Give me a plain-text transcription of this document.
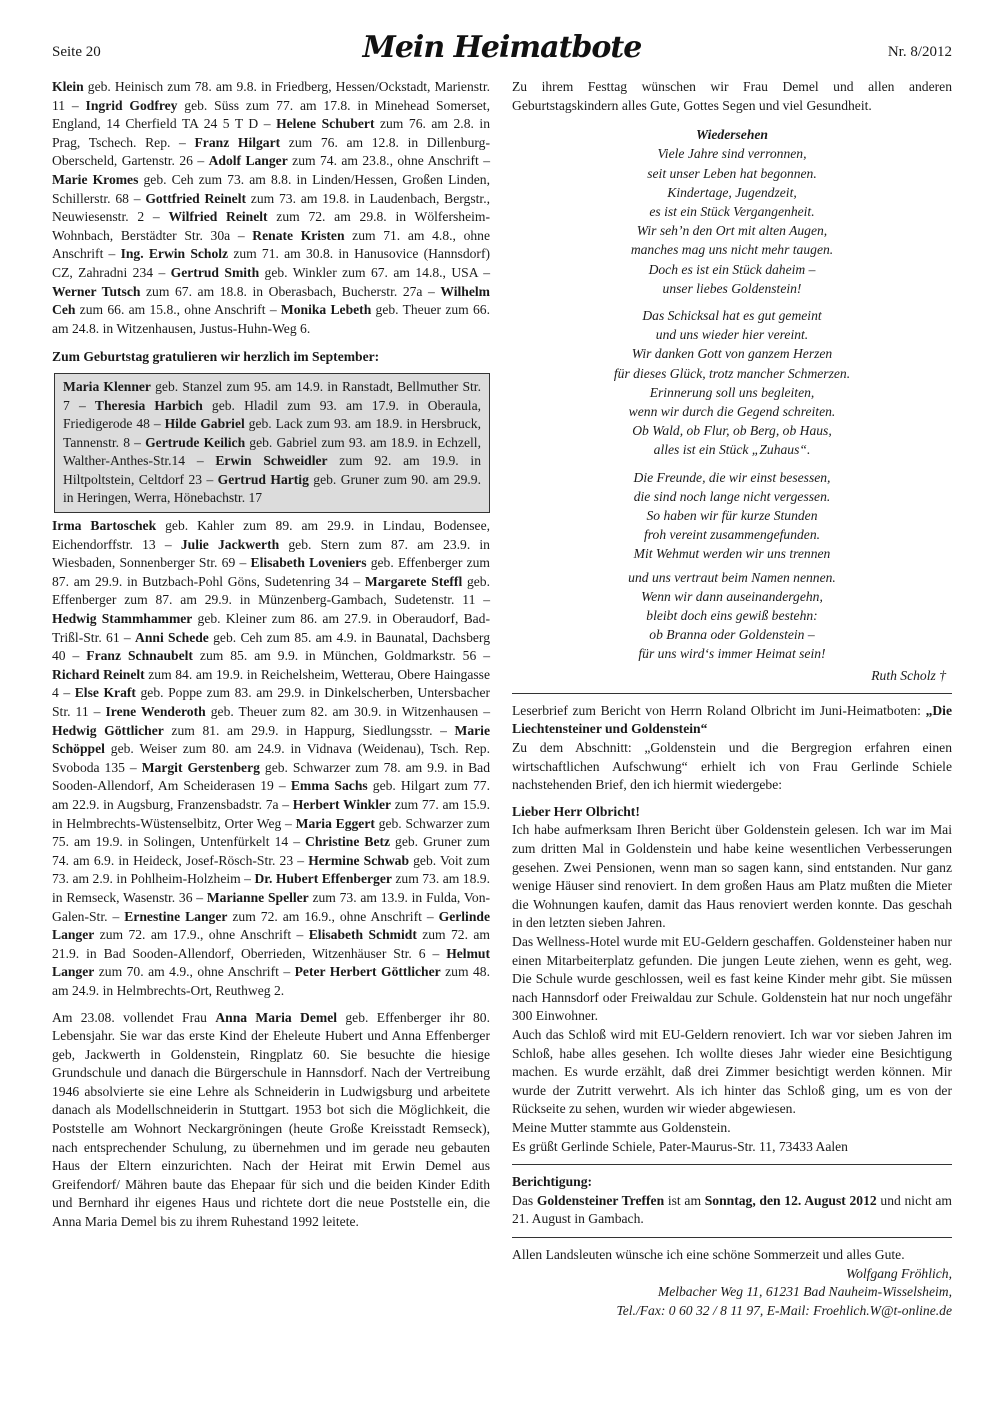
Seite 20	Mein Heimatbote	Nr. 8/2012

Klein geb. Heinisch zum 78. am 9.8. in Friedberg, Hessen/Ockstadt, Marienstr. 11 – Ingrid Godfrey geb. Süss zum 77. am 17.8. in Minehead Somerset, England, 14 Cherfield TA 24 5 T D – Helene Schubert zum 76. am 2.8. in Prag, Tschech. Rep. – Franz Hilgart zum 76. am 12.8. in Dillenburg-Oberscheld, Gartenstr. 26 – Adolf Langer zum 74. am 23.8., ohne Anschrift – Marie Kromes geb. Ceh zum 73. am 8.8. in Linden/Hessen, Großen Linden, Schillerstr. 68 – Gottfried Reinelt zum 73. am 19.8. in Laudenbach, Bergstr., Neuwiesenstr. 2 – Wilfried Reinelt zum 72. am 29.8. in Wölfersheim-Wohnbach, Berstädter Str. 30a – Renate Kristen zum 71. am 4.8., ohne Anschrift – Ing. Erwin Scholz zum 71. am 30.8. in Hanusovice (Hannsdorf) CZ, Zahradni 234 – Gertrud Smith geb. Winkler zum 67. am 14.8., USA – Werner Tutsch zum 67. am 18.8. in Oberasbach, Bucherstr. 27a – Wilhelm Ceh zum 66. am 15.8., ohne Anschrift – Monika Lebeth geb. Theuer zum 66. am 24.8. in Witzenhausen, Justus-Huhn-Weg 6.

Zum Geburtstag gratulieren wir herzlich im September:

Maria Klenner geb. Stanzel zum 95. am 14.9. in Ranstadt, Bellmuther Str. 7 – Theresia Harbich geb. Hladil zum 93. am 17.9. in Oberaula, Friedigerode 48 – Hilde Gabriel geb. Lack zum 93. am 18.9. in Hersbruck, Tannenstr. 8 – Gertrude Keilich geb. Gabriel zum 93. am 18.9. in Echzell, Walther-Anthes-Str.14 – Erwin Schweidler zum 92. am 19.9. in Hiltpoltstein, Celtdorf 23 – Gertrud Hartig geb. Gruner zum 90. am 29.9. in Heringen, Werra, Hönebachstr. 17

Irma Bartoschek geb. Kahler zum 89. am 29.9. in Lindau, Bodensee, Eichendorffstr. 13 – Julie Jackwerth geb. Stern zum 87. am 23.9. in Wiesbaden, Sonnenberger Str. 69 – Elisabeth Loveniers geb. Effenberger zum 87. am 29.9. in Butzbach-Pohl Göns, Sudetenring 34 – Margarete Steffl geb. Effenberger zum 87. am 29.9. in Münzenberg-Gambach, Sudetenstr. 11 – Hedwig Stammhammer geb. Kleiner zum 86. am 27.9. in Oberaudorf, Bad-Trißl-Str. 61 – Anni Schede geb. Ceh zum 85. am 4.9. in Baunatal, Dachsberg 40 – Franz Schnaubelt zum 85. am 9.9. in München, Goldmarkstr. 56 – Richard Reinelt zum 84. am 19.9. in Reichelsheim, Wetterau, Obere Haingasse 4 – Else Kraft geb. Poppe zum 83. am 29.9. in Dinkelscherben, Untersbacher Str. 11 – Irene Wenderoth geb. Theuer zum 82. am 30.9. in Witzenhausen – Hedwig Göttlicher zum 81. am 29.9. in Happurg, Siedlungsstr. – Marie Schöppel geb. Weiser zum 80. am 24.9. in Vidnava (Weidenau), Tsch. Rep. Svoboda 135 – Margit Gerstenberg geb. Schwarzer zum 78. am 9.9. in Bad Sooden-Allendorf, Am Scheiderasen 19 – Emma Sachs geb. Hilgart zum 77. am 22.9. in Augsburg, Franzensbadstr. 7a – Herbert Winkler zum 77. am 15.9. in Helmbrechts-Wüstenselbitz, Orter Weg – Maria Eggert geb. Schwarzer zum 75. am 19.9. in Solingen, Untenfürkelt 14 – Christine Betz geb. Gruner zum 74. am 6.9. in Heideck, Josef-Rösch-Str. 23 – Hermine Schwab geb. Voit zum 73. am 2.9. in Pohlheim-Holzheim – Dr. Hubert Effenberger zum 73. am 18.9. in Remseck, Wasenstr. 36 – Marianne Speller zum 73. am 13.9. in Fulda, Von-Galen-Str. – Ernestine Langer zum 72. am 16.9., ohne Anschrift – Gerlinde Langer zum 72. am 17.9., ohne Anschrift – Elisabeth Schmidt zum 72. am 21.9. in Bad Sooden-Allendorf, Oberrieden, Witzenhäuser Str. 6 – Helmut Langer zum 70. am 4.9., ohne Anschrift – Peter Herbert Göttlicher zum 48. am 24.9. in Helmbrechts-Ort, Reuthweg 2.

Am 23.08. vollendet Frau Anna Maria Demel geb. Effenberger ihr 80. Lebensjahr. Sie war das erste Kind der Eheleute Hubert und Anna Effenberger geb, Jackwerth in Goldenstein, Ringplatz 60. Sie besuchte die hiesige Grundschule und danach die Bürgerschule in Hannsdorf. Nach der Vertreibung 1946 absolvierte sie eine Lehre als Schneiderin in Ludwigsburg und arbeitete danach als Modellschneiderin in Stuttgart. 1953 bot sich die Möglichkeit, die Poststelle am Wohnort Neckargröningen (heute Große Kreisstadt Remseck), nach entsprechender Schulung, zu übernehmen und im gerade neu gebauten Haus der Eltern einzurichten. Nach der Heirat mit Erwin Demel aus Greifendorf/ Mähren baute das Ehepaar für sich und die beiden Kinder Edith und Bernhard ihr eigenes Haus und richtete dort die neue Poststelle ein, die Anna Maria Demel bis zu ihrem Ruhestand 1992 leitete.

Zu ihrem Festtag wünschen wir Frau Demel und allen anderen Geburtstagskindern alles Gute, Gottes Segen und viel Gesundheit.

Wiedersehen
Viele Jahre sind verronnen,
seit unser Leben hat begonnen.
Kindertage, Jugendzeit,
es ist ein Stück Vergangenheit.
Wir seh’n den Ort mit alten Augen,
manches mag uns nicht mehr taugen.
Doch es ist ein Stück daheim –
unser liebes Goldenstein!
Das Schicksal hat es gut gemeint
und uns wieder hier vereint.
Wir danken Gott von ganzem Herzen
für dieses Glück, trotz mancher Schmerzen.
Erinnerung soll uns begleiten,
wenn wir durch die Gegend schreiten.
Ob Wald, ob Flur, ob Berg, ob Haus,
alles ist ein Stück „Zuhaus“.
Die Freunde, die wir einst besessen,
die sind noch lange nicht vergessen.
So haben wir für kurze Stunden
froh vereint zusammengefunden.
Mit Wehmut werden wir uns trennen
und uns vertraut beim Namen nennen.
Wenn wir dann auseinandergehn,
bleibt doch eins gewiß bestehn:
ob Branna oder Goldenstein –
für uns wird‘s immer Heimat sein!
Ruth Scholz †

Leserbrief zum Bericht von Herrn Roland Olbricht im Juni-Heimatboten: „Die Liechtensteiner und Goldenstein“

Zu dem Abschnitt: „Goldenstein und die Bergregion erfahren einen wirtschaftlichen Aufschwung“ erhielt ich von Frau Gerlinde Schiele nachstehenden Brief, den ich hiermit wiedergebe:

Lieber Herr Olbricht!

Ich habe aufmerksam Ihren Bericht über Goldenstein gelesen. Ich war im Mai zum dritten Mal in Goldenstein und habe keine wesentlichen Verbesserungen gesehen. Zwei Pensionen, wenn man so sagen kann, sind entstanden. Nur ganz wenige Häuser sind renoviert. In dem großen Haus am Platz mußten die Mieter die Wohnungen kaufen, damit das Haus renoviert werden konnte. Das geschah in den letzten sieben Jahren.

Das Wellness-Hotel wurde mit EU-Geldern geschaffen. Goldensteiner haben nur einen Mitarbeiterplatz gefunden. Die jungen Leute ziehen, wenn es geht, weg. Die Schule wurde geschlossen, weil es fast keine Kinder mehr gibt. Sie müssen nach Hannsdorf oder Freiwaldau zur Schule. Goldenstein hat nur noch ungefähr 300 Einwohner.

Auch das Schloß wird mit EU-Geldern renoviert. Ich war vor sieben Jahren im Schloß, habe alles gesehen. Ich wollte dieses Jahr wieder eine Besichtigung machen. Es wurde erzählt, daß drei Zimmer besichtigt werden können. Mir wurde der Zutritt verwehrt. Als ich hinter das Schloß ging, um es von der Rückseite zu sehen, wurden wir wieder abgewiesen.

Meine Mutter stammte aus Goldenstein.

Es grüßt Gerlinde Schiele, Pater-Maurus-Str. 11, 73433 Aalen

Berichtigung:

Das Goldensteiner Treffen ist am Sonntag, den 12. August 2012 und nicht am 21. August in Gambach.

Allen Landsleuten wünsche ich eine schöne Sommerzeit und alles Gute.

Wolfgang Fröhlich,
Melbacher Weg 11, 61231 Bad Nauheim-Wisselsheim,
Tel./Fax: 0 60 32 / 8 11 97, E-Mail: Froehlich.W@t-online.de
